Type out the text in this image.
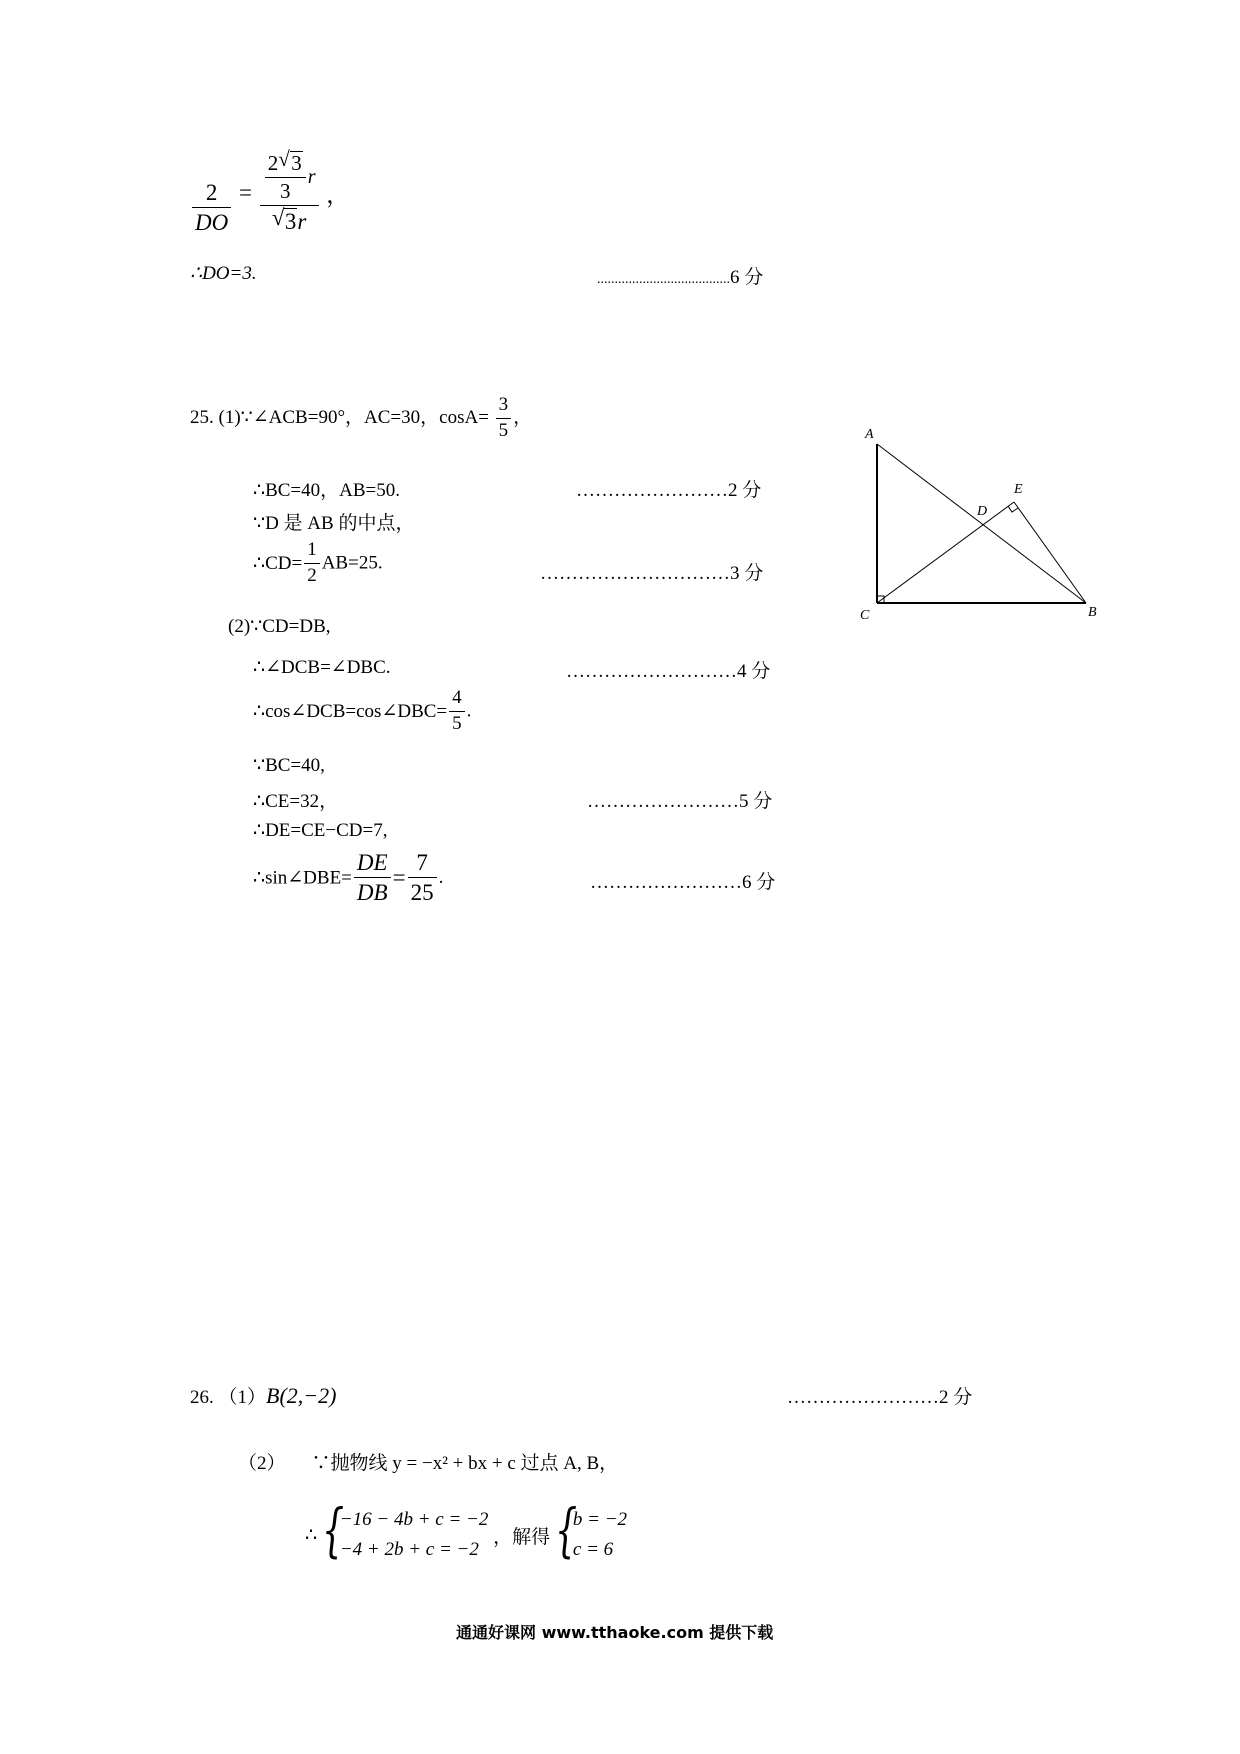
$\frac{2}{DO} = \frac{\frac{2 √ 3}{3} r}{√ 3r}$ ，
∴DO=3.	......................................6 分
25. (1)∵∠ACB=90°，AC=30，$\cos A= \frac{3}{5}$ ，
∴BC=40，AB=50.	……………………2 分
∵D 是 AB 的中点，
∴CD= $\frac{1}{2} AB=25$.
…………………………3 分
(2)∵CD=DB,
∴∠DCB=∠DBC.	………………………4 分
∴cos∠DCB=cos∠DBC= $\frac{4}{5}$ .
∵BC=40,
∴CE=32，	……………………5 分
∴DE=CE−CD=7,
∴sin∠DBE= $\frac{DE}{DB} = \frac{7}{25}$ .	……………………6 分
A
B
C
D
E
26. （1）B(2,−2)	……………………2 分
（2） ∵抛物线 y = −x² + bx + c 过点 A, B，
∴ {
−16 − 4b + c = −2
−4 + 2b + c = −2
，解得 {
b = −2
c = 6
通通好课网 www.tthaoke.com 提供下载
